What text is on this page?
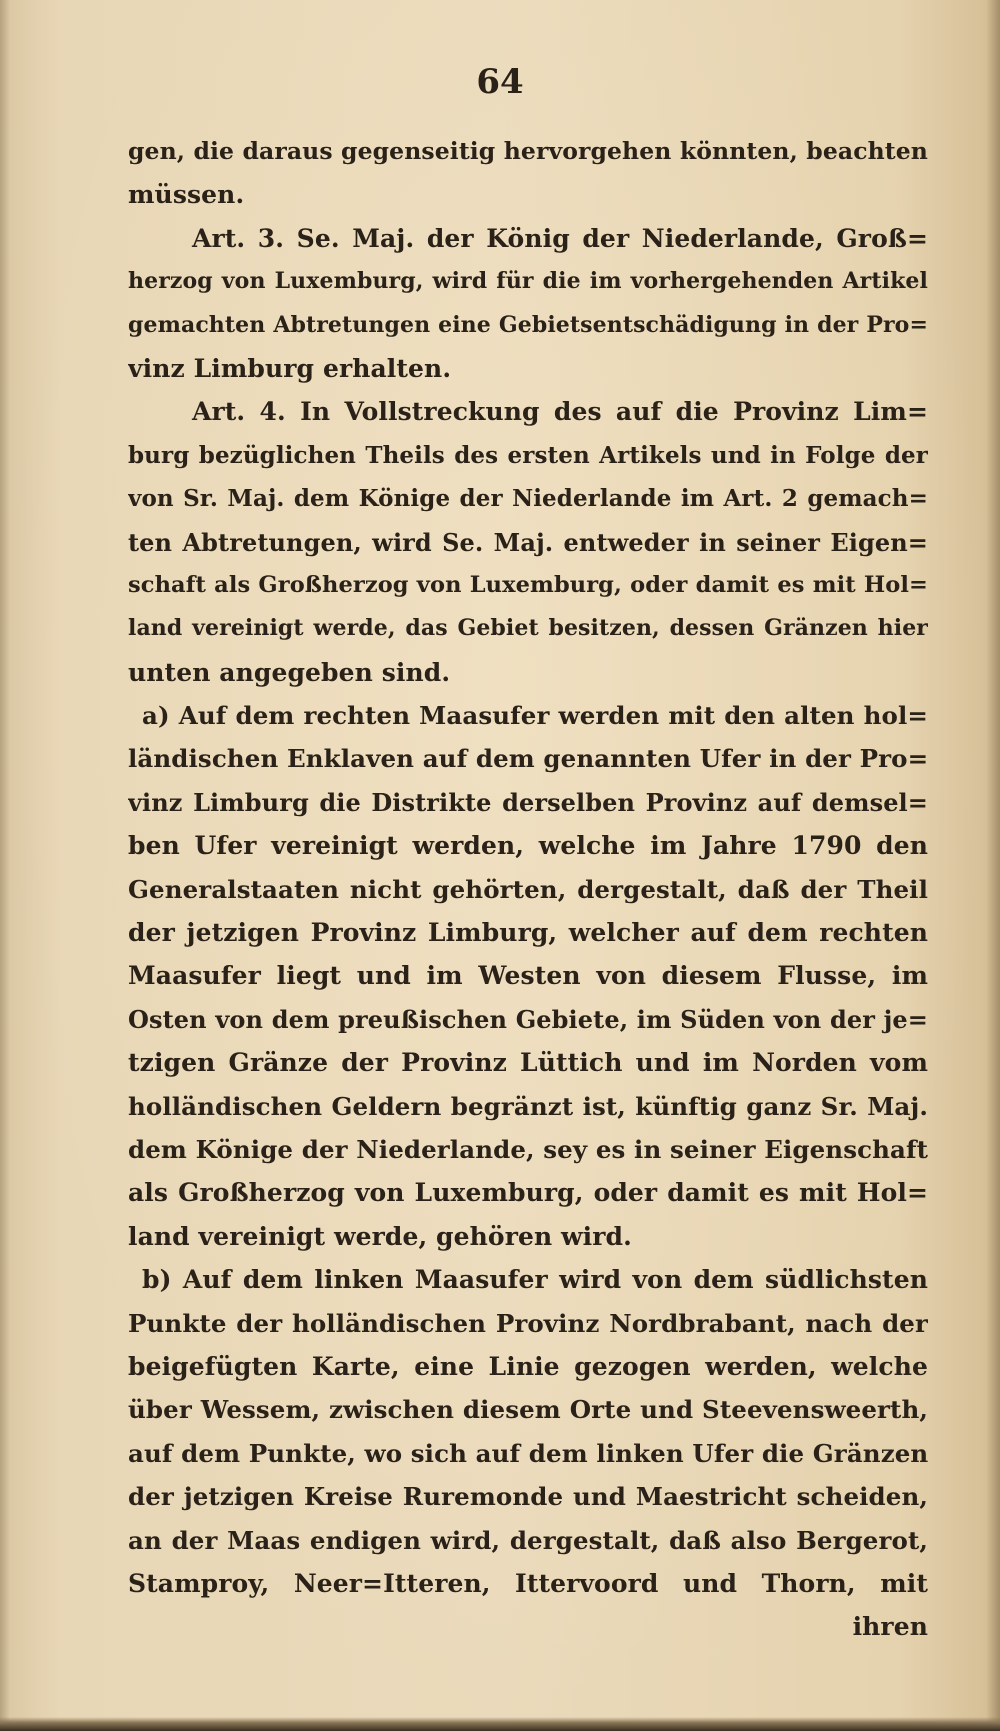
64
gen, die daraus gegenseitig hervorgehen könnten, beachten
müssen.
Art. 3. Se. Maj. der König der Niederlande, Groß=
herzog von Luxemburg, wird für die im vorhergehenden Artikel
gemachten Abtretungen eine Gebietsentschädigung in der Pro=
vinz Limburg erhalten.
Art. 4. In Vollstreckung des auf die Provinz Lim=
burg bezüglichen Theils des ersten Artikels und in Folge der
von Sr. Maj. dem Könige der Niederlande im Art. 2 gemach=
ten Abtretungen, wird Se. Maj. entweder in seiner Eigen=
schaft als Großherzog von Luxemburg, oder damit es mit Hol=
land vereinigt werde, das Gebiet besitzen, dessen Gränzen hier
unten angegeben sind.
a) Auf dem rechten Maasufer werden mit den alten hol=
ländischen Enklaven auf dem genannten Ufer in der Pro=
vinz Limburg die Distrikte derselben Provinz auf demsel=
ben Ufer vereinigt werden, welche im Jahre 1790 den
Generalstaaten nicht gehörten, dergestalt, daß der Theil
der jetzigen Provinz Limburg, welcher auf dem rechten
Maasufer liegt und im Westen von diesem Flusse, im
Osten von dem preußischen Gebiete, im Süden von der je=
tzigen Gränze der Provinz Lüttich und im Norden vom
holländischen Geldern begränzt ist, künftig ganz Sr. Maj.
dem Könige der Niederlande, sey es in seiner Eigenschaft
als Großherzog von Luxemburg, oder damit es mit Hol=
land vereinigt werde, gehören wird.
b) Auf dem linken Maasufer wird von dem südlichsten
Punkte der holländischen Provinz Nordbrabant, nach der
beigefügten Karte, eine Linie gezogen werden, welche
über Wessem, zwischen diesem Orte und Steevensweerth,
auf dem Punkte, wo sich auf dem linken Ufer die Gränzen
der jetzigen Kreise Ruremonde und Maestricht scheiden,
an der Maas endigen wird, dergestalt, daß also Bergerot,
Stamproy, Neer=Itteren, Ittervoord und Thorn, mit
ihren
